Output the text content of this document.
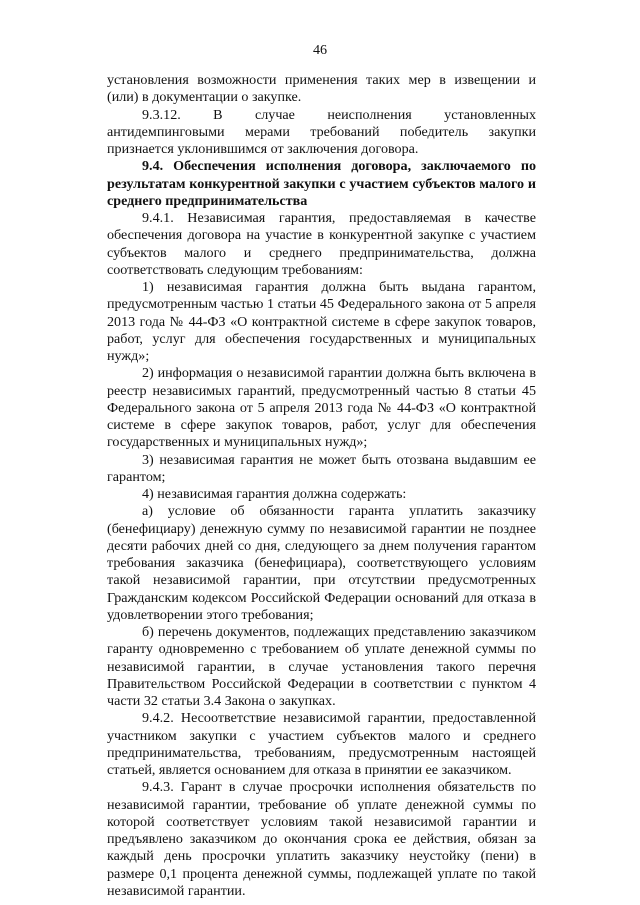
46

установления возможности применения таких мер в извещении и (или) в документации о закупке.

9.3.12. В случае неисполнения установленных антидемпинговыми мерами требований победитель закупки признается уклонившимся от заключения договора.

9.4. Обеспечения исполнения договора, заключаемого по результатам конкурентной закупки с участием субъектов малого и среднего предпринимательства

9.4.1. Независимая гарантия, предоставляемая в качестве обеспечения договора на участие в конкурентной закупке с участием субъектов малого и среднего предпринимательства, должна соответствовать следующим требованиям:

1) независимая гарантия должна быть выдана гарантом, предусмотренным частью 1 статьи 45 Федерального закона от 5 апреля 2013 года № 44-ФЗ «О контрактной системе в сфере закупок товаров, работ, услуг для обеспечения государственных и муниципальных нужд»;

2) информация о независимой гарантии должна быть включена в реестр независимых гарантий, предусмотренный частью 8 статьи 45 Федерального закона от 5 апреля 2013 года № 44-ФЗ «О контрактной системе в сфере закупок товаров, работ, услуг для обеспечения государственных и муниципальных нужд»;

3) независимая гарантия не может быть отозвана выдавшим ее гарантом;

4) независимая гарантия должна содержать:

а) условие об обязанности гаранта уплатить заказчику (бенефициару) денежную сумму по независимой гарантии не позднее десяти рабочих дней со дня, следующего за днем получения гарантом требования заказчика (бенефициара), соответствующего условиям такой независимой гарантии, при отсутствии предусмотренных Гражданским кодексом Российской Федерации оснований для отказа в удовлетворении этого требования;

б) перечень документов, подлежащих представлению заказчиком гаранту одновременно с требованием об уплате денежной суммы по независимой гарантии, в случае установления такого перечня Правительством Российской Федерации в соответствии с пунктом 4 части 32 статьи 3.4 Закона о закупках.

9.4.2. Несоответствие независимой гарантии, предоставленной участником закупки с участием субъектов малого и среднего предпринимательства, требованиям, предусмотренным настоящей статьей, является основанием для отказа в принятии ее заказчиком.

9.4.3. Гарант в случае просрочки исполнения обязательств по независимой гарантии, требование об уплате денежной суммы по которой соответствует условиям такой независимой гарантии и предъявлено заказчиком до окончания срока ее действия, обязан за каждый день просрочки уплатить заказчику неустойку (пени) в размере 0,1 процента денежной суммы, подлежащей уплате по такой независимой гарантии.
